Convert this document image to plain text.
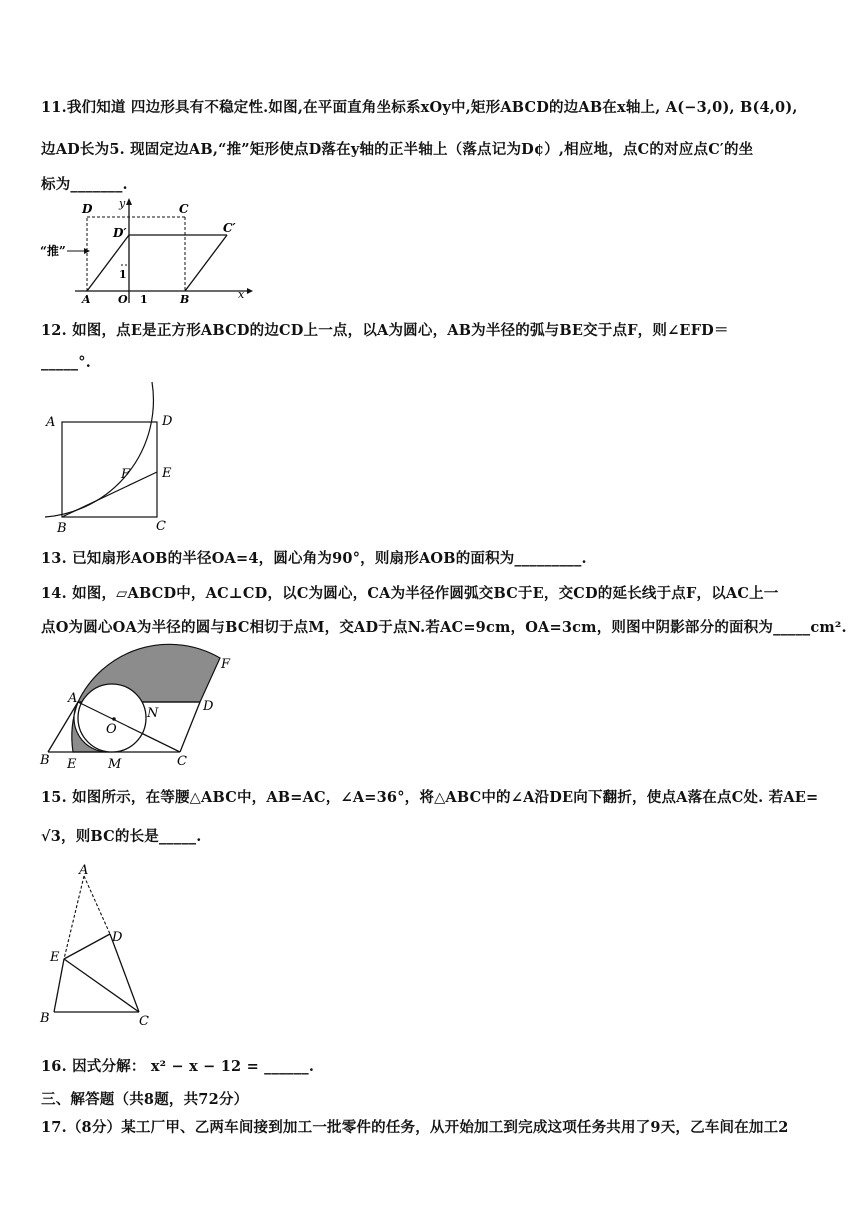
11.我们知道 四边形具有不稳定性.如图,在平面直角坐标系xOy中,矩形ABCD的边AB在x轴上, A(−3,0), B(4,0),
边AD长为5. 现固定边AB,“推”矩形使点D落在y轴的正半轴上（落点记为D¢）,相应地，点C的对应点C′的坐
标为_______.
D	C
D′	C′
“推”
1
A O 1	B	x
y
12. 如图，点E是正方形ABCD的边CD上一点，以A为圆心，AB为半径的弧与BE交于点F，则∠EFD＝
_____°.
A	D
F E
B	C
13. 已知扇形AOB的半径OA=4，圆心角为90°，则扇形AOB的面积为_________.
14. 如图，▱ABCD中，AC⊥CD，以C为圆心，CA为半径作圆弧交BC于E，交CD的延长线于点F，以AC上一
点O为圆心OA为半径的圆与BC相切于点M，交AD于点N.若AC=9cm，OA=3cm，则图中阴影部分的面积为_____cm².
F
A
N	D
O
B E M	C
15. 如图所示，在等腰△ABC中，AB=AC，∠A=36°，将△ABC中的∠A沿DE向下翻折，使点A落在点C处. 若AE=
√3，则BC的长是_____.
A
D
E
B	C
16. 因式分解： x² − x − 12 = ______.
三、解答题（共8题，共72分）
17.（8分）某工厂甲、乙两车间接到加工一批零件的任务，从开始加工到完成这项任务共用了9天，乙车间在加工2
